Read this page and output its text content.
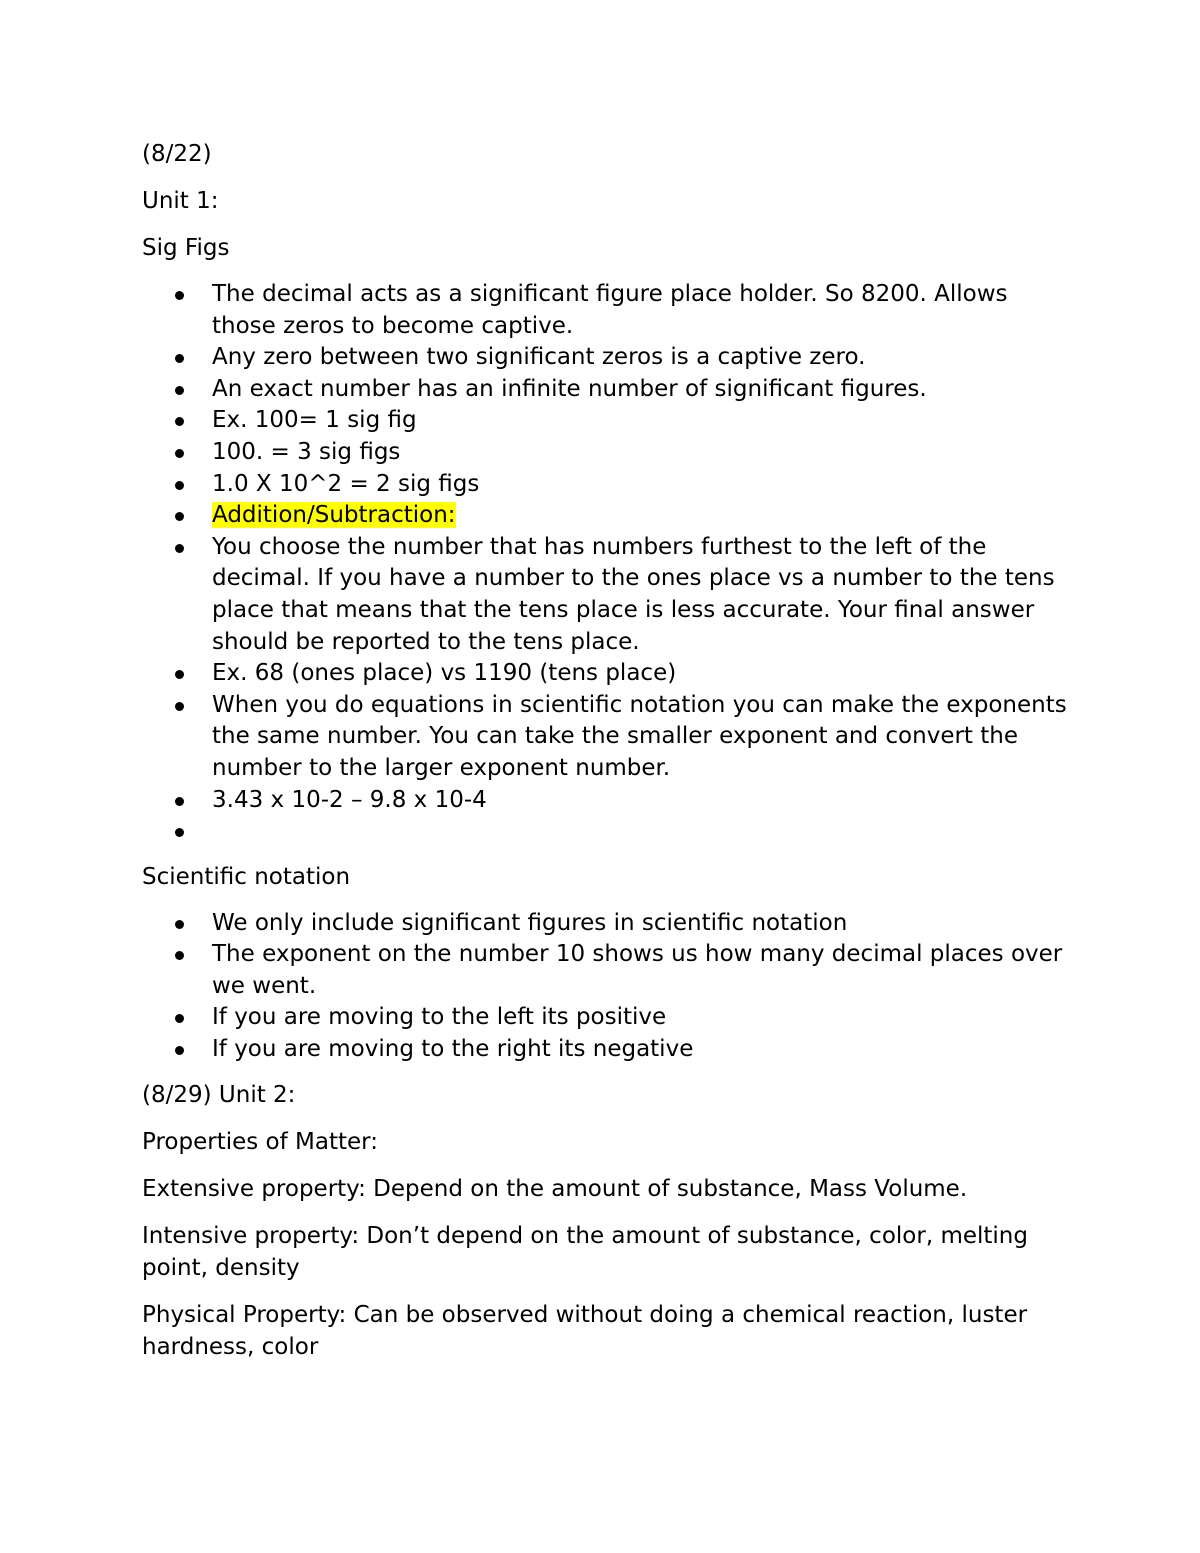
(8/22)

Unit 1:

Sig Figs

The decimal acts as a significant figure place holder. So 8200. Allows those zeros to become captive.
Any zero between two significant zeros is a captive zero.
An exact number has an infinite number of significant figures.
Ex. 100= 1 sig fig
100. = 3 sig figs
1.0 X 10^2 = 2 sig figs
Addition/Subtraction:
You choose the number that has numbers furthest to the left of the decimal. If you have a number to the ones place vs a number to the tens place that means that the tens place is less accurate. Your final answer should be reported to the tens place.
Ex. 68 (ones place) vs 1190 (tens place)
When you do equations in scientific notation you can make the exponents the same number. You can take the smaller exponent and convert the number to the larger exponent number.
3.43 x 10-2 – 9.8 x 10-4

Scientific notation

We only include significant figures in scientific notation
The exponent on the number 10 shows us how many decimal places over we went.
If you are moving to the left its positive
If you are moving to the right its negative

(8/29) Unit 2:

Properties of Matter:

Extensive property: Depend on the amount of substance, Mass Volume.

Intensive property: Don’t depend on the amount of substance, color, melting point, density

Physical Property: Can be observed without doing a chemical reaction, luster hardness, color
